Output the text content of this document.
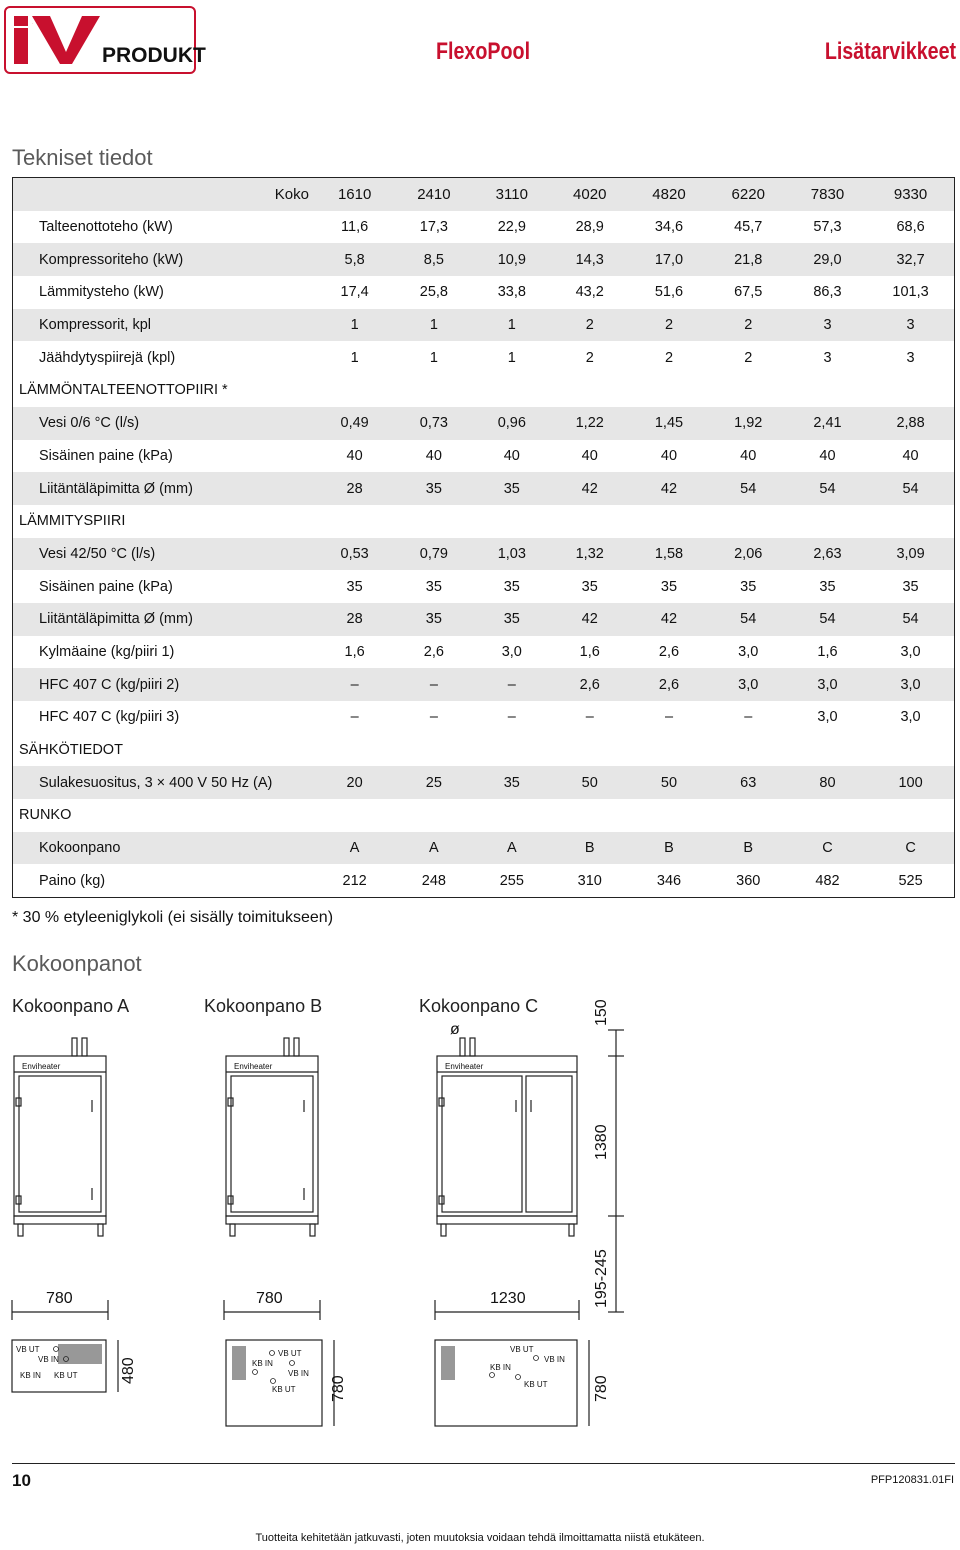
IV
PRODUKT	FlexoPool	Lisätarvikkeet
Tekniset tiedot
Koko	1610	2410	3110	4020	4820	6220	7830	9330
Talteenottoteho (kW)	11,6	17,3	22,9	28,9	34,6	45,7	57,3	68,6
Kompressoriteho (kW)	5,8	8,5	10,9	14,3	17,0	21,8	29,0	32,7
Lämmitysteho (kW)	17,4	25,8	33,8	43,2	51,6	67,5	86,3	101,3
Kompressorit, kpl	1	1	1	2	2	2	3	3
Jäähdytyspiirejä (kpl)	1	1	1	2	2	2	3	3
LÄMMÖNTALTEENOTTOPIIRI *								
Vesi 0/6 °C (l/s)	0,49	0,73	0,96	1,22	1,45	1,92	2,41	2,88
Sisäinen paine (kPa)	40	40	40	40	40	40	40	40
Liitäntäläpimitta Ø (mm)	28	35	35	42	42	54	54	54
LÄMMITYSPIIRI								
Vesi 42/50 °C (l/s)	0,53	0,79	1,03	1,32	1,58	2,06	2,63	3,09
Sisäinen paine (kPa)	35	35	35	35	35	35	35	35
Liitäntäläpimitta Ø (mm)	28	35	35	42	42	54	54	54
Kylmäaine (kg/piiri 1)	1,6	2,6	3,0	1,6	2,6	3,0	1,6	3,0
HFC 407 C (kg/piiri 2)	–	–	–	2,6	2,6	3,0	3,0	3,0
HFC 407 C (kg/piiri 3)	–	–	–	–	–	–	3,0	3,0
SÄHKÖTIEDOT								
Sulakesuositus, 3 × 400 V 50 Hz (A)	20	25	35	50	50	63	80	100
RUNKO								
Kokoonpano	A	A	A	B	B	B	C	C
Paino (kg)	212	248	255	310	346	360	482	525
* 30 % etyleeniglykoli (ei sisälly toimitukseen)
Kokoonpanot
Kokoonpano A	Kokoonpano B	Kokoonpano C
Enviheater	Enviheater	Enviheater
VB UT
VB IN
KB IN KB UT
VB UT
KB IN
VB IN
KB UT
VB UT
VB IN
KB IN
KB UT
ø
780	780	1230
150
1380
195-245
480
780	780
10	PFP120831.01FI
Tuotteita kehitetään jatkuvasti, joten muutoksia voidaan tehdä ilmoittamatta niistä etukäteen.
